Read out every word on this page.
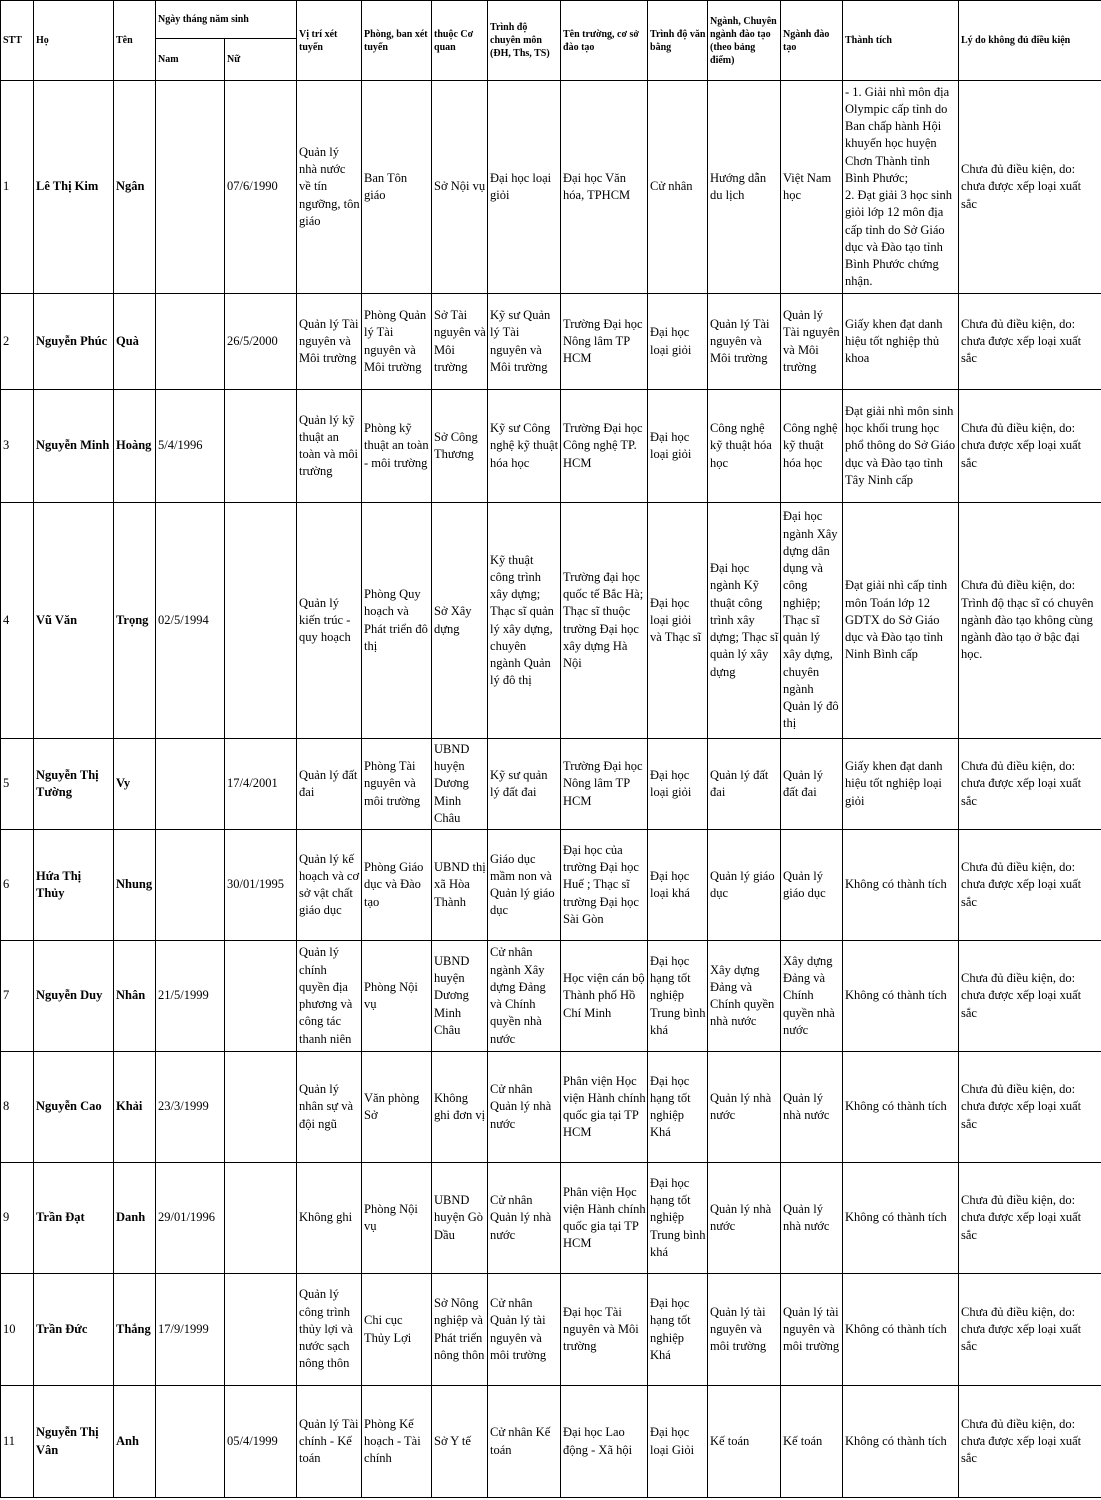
STT	Họ	Tên	Ngày tháng năm sinh		Vị trí xét tuyển	Phòng, ban xét tuyển	thuộc Cơ quan	Trình độ chuyên môn (ĐH, Ths, TS)	Tên trường, cơ sở đào tạo	Trình độ văn bằng	Ngành, Chuyên ngành đào tạo (theo bảng điểm)	Ngành đào tạo	Thành tích	Lý do không đủ điều kiện
			Nam	Nữ										
1	Lê Thị Kim	Ngân		07/6/1990	Quản lý nhà nước về tín ngưỡng, tôn giáo	Ban Tôn giáo	Sở Nội vụ	Đại học loại giỏi	Đại học Văn hóa, TPHCM	Cử nhân	Hướng dẫn du lịch	Việt Nam học	- 1. Giải nhì môn địa Olympic cấp tỉnh do Ban chấp hành Hội khuyến học huyện Chơn Thành tỉnh Bình Phước;
2. Đạt giải 3 học sinh giỏi lớp 12 môn địa cấp tỉnh do Sở Giáo dục và Đào tạo tỉnh Bình Phước chứng nhận.	Chưa đủ điều kiện, do: chưa được xếp loại xuất sắc
2	Nguyễn Phúc	Quà		26/5/2000	Quản lý Tài nguyên và Môi trường	Phòng Quản lý Tài nguyên và Môi trường	Sở Tài nguyên và Môi trường	Kỹ sư Quản lý Tài nguyên và Môi trường	Trường Đại học Nông lâm TP HCM	Đại học loại giỏi	Quản lý Tài nguyên và Môi trường	Quản lý Tài nguyên và Môi trường	Giấy khen đạt danh hiệu tốt nghiệp thủ khoa	Chưa đủ điều kiện, do: chưa được xếp loại xuất sắc
3	Nguyễn Minh	Hoàng	5/4/1996		Quản lý kỹ thuật an toàn và môi trường	Phòng kỹ thuật an toàn - môi trường	Sở Công Thương	Kỹ sư Công nghệ kỹ thuật hóa học	Trường Đại học Công nghệ TP. HCM	Đại học loại giỏi	Công nghệ kỹ thuật hóa học	Công nghệ kỹ thuật hóa học	Đạt giải nhì môn sinh học khối trung học phổ thông do Sở Giáo dục và Đào tạo tỉnh Tây Ninh cấp	Chưa đủ điều kiện, do: chưa được xếp loại xuất sắc
4	Vũ Văn	Trọng	02/5/1994		Quản lý kiến trúc - quy hoạch	Phòng Quy hoạch và Phát triển đô thị	Sở Xây dựng	Kỹ thuật công trình xây dựng; Thạc sĩ quản lý xây dựng, chuyên ngành Quản lý đô thị	Trường đại học quốc tế Bắc Hà; Thạc sĩ thuộc trường Đại học xây dựng Hà Nội	Đại học loại giỏi và Thạc sĩ	Đại học ngành Kỹ thuật công trình xây dựng; Thạc sĩ quản lý xây dựng	Đại học ngành Xây dựng dân dụng và công nghiệp; Thạc sĩ quản lý xây dựng, chuyên ngành Quản lý đô thị	Đạt giải nhì cấp tỉnh môn Toán lớp 12 GDTX do Sở Giáo dục và Đào tạo tỉnh Ninh Bình cấp	Chưa đủ điều kiện, do: Trình độ thạc sĩ có chuyên ngành đào tạo không cùng ngành đào tạo ở bậc đại học.
5	Nguyễn Thị Tường	Vy		17/4/2001	Quản lý đất đai	Phòng Tài nguyên và môi trường	UBND huyện Dương Minh Châu	Kỹ sư quản lý đất đai	Trường Đại học Nông lâm TP HCM	Đại học loại giỏi	Quản lý đất đai	Quản lý đất đai	Giấy khen đạt danh hiệu tốt nghiệp loại giỏi	Chưa đủ điều kiện, do: chưa được xếp loại xuất sắc
6	Hứa Thị Thủy	Nhung		30/01/1995	Quản lý kế hoạch và cơ sở vật chất giáo dục	Phòng Giáo dục và Đào tạo	UBND thị xã Hòa Thành	Giáo dục mầm non và Quản lý giáo dục	Đại học của trường Đại học Huế ; Thạc sĩ trường Đại học Sài Gòn	Đại học loại khá	Quản lý giáo dục	Quản lý giáo dục	Không có thành tích	Chưa đủ điều kiện, do: chưa được xếp loại xuất sắc
7	Nguyễn Duy	Nhân	21/5/1999		Quản lý chính quyền địa phương và công tác thanh niên	Phòng Nội vụ	UBND huyện Dương Minh Châu	Cử nhân ngành Xây dựng Đảng và Chính quyền nhà nước	Học viện cán bộ Thành phố Hồ Chí Minh	Đại học hạng tốt nghiệp Trung bình khá	Xây dựng Đảng và Chính quyền nhà nước	Xây dựng Đảng và Chính quyền nhà nước	Không có thành tích	Chưa đủ điều kiện, do: chưa được xếp loại xuất sắc
8	Nguyễn Cao	Khải	23/3/1999		Quản lý nhân sự và đội ngũ	Văn phòng Sở	Không ghi đơn vị	Cử nhân Quản lý nhà nước	Phân viện Học viện Hành chính quốc gia tại TP HCM	Đại học hạng tốt nghiệp Khá	Quản lý nhà nước	Quản lý nhà nước	Không có thành tích	Chưa đủ điều kiện, do: chưa được xếp loại xuất sắc
9	Trần Đạt	Danh	29/01/1996		Không ghi	Phòng Nội vụ	UBND huyện Gò Dầu	Cử nhân Quản lý nhà nước	Phân viện Học viện Hành chính quốc gia tại TP HCM	Đại học hạng tốt nghiệp Trung bình khá	Quản lý nhà nước	Quản lý nhà nước	Không có thành tích	Chưa đủ điều kiện, do: chưa được xếp loại xuất sắc
10	Trần Đức	Thắng	17/9/1999		Quản lý công trình thủy lợi và nước sạch nông thôn	Chi cục Thủy Lợi	Sở Nông nghiệp và Phát triển nông thôn	Cử nhân Quản lý tài nguyên và môi trường	Đại học Tài nguyên và Môi trường	Đại học hạng tốt nghiệp Khá	Quản lý tài nguyên và môi trường	Quản lý tài nguyên và môi trường	Không có thành tích	Chưa đủ điều kiện, do: chưa được xếp loại xuất sắc
11	Nguyễn Thị Vân	Anh		05/4/1999	Quản lý Tài chính - Kế toán	Phòng Kế hoạch - Tài chính	Sở Y tế	Cử nhân Kế toán	Đại học Lao động - Xã hội	Đại học loại Giỏi	Kế toán	Kế toán	Không có thành tích	Chưa đủ điều kiện, do: chưa được xếp loại xuất sắc
